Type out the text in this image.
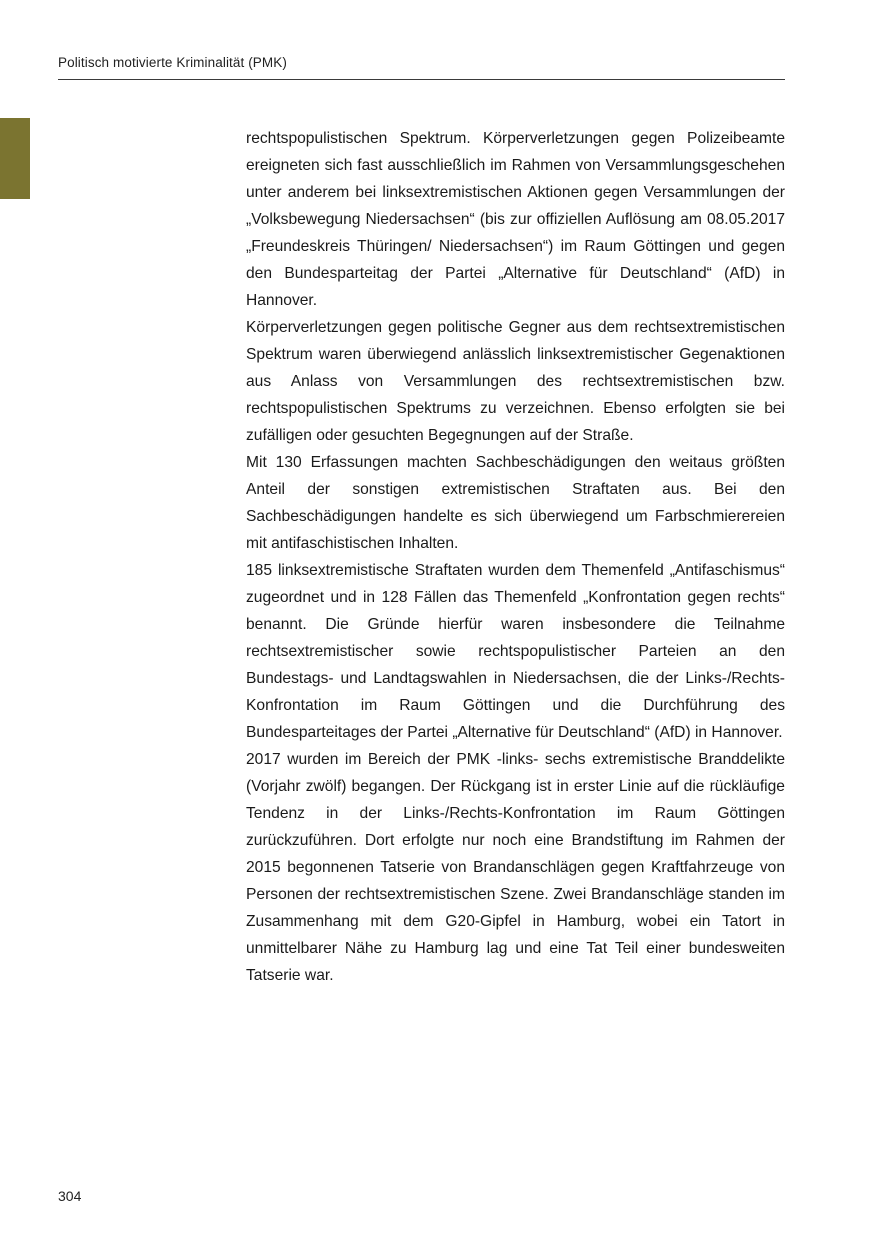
Politisch motivierte Kriminalität (PMK)

rechtspopulistischen Spektrum. Körperverletzungen gegen Polizeibeamte ereigneten sich fast ausschließlich im Rahmen von Versammlungsgeschehen unter anderem bei linksextremistischen Aktionen gegen Versammlungen der „Volksbewegung Niedersachsen“ (bis zur offiziellen Auflösung am 08.05.2017 „Freundeskreis Thüringen/ Niedersachsen“) im Raum Göttingen und gegen den Bundesparteitag der Partei „Alternative für Deutschland“ (AfD) in Hannover.

Körperverletzungen gegen politische Gegner aus dem rechtsextremistischen Spektrum waren überwiegend anlässlich linksextremistischer Gegenaktionen aus Anlass von Versammlungen des rechtsextremistischen bzw. rechtspopulistischen Spektrums zu verzeichnen. Ebenso erfolgten sie bei zufälligen oder gesuchten Begegnungen auf der Straße.

Mit 130 Erfassungen machten Sachbeschädigungen den weitaus größten Anteil der sonstigen extremistischen Straftaten aus. Bei den Sachbeschädigungen handelte es sich überwiegend um Farbschmierereien mit antifaschistischen Inhalten.

185 linksextremistische Straftaten wurden dem Themenfeld „Antifaschismus“ zugeordnet und in 128 Fällen das Themenfeld „Konfrontation gegen rechts“ benannt. Die Gründe hierfür waren insbesondere die Teilnahme rechtsextremistischer sowie rechtspopulistischer Parteien an den Bundestags- und Landtagswahlen in Niedersachsen, die der Links-/Rechts-Konfrontation im Raum Göttingen und die Durchführung des Bundesparteitages der Partei „Alternative für Deutschland“ (AfD) in Hannover.

2017 wurden im Bereich der PMK -links- sechs extremistische Branddelikte (Vorjahr zwölf) begangen. Der Rückgang ist in erster Linie auf die rückläufige Tendenz in der Links-/Rechts-Konfrontation im Raum Göttingen zurückzuführen. Dort erfolgte nur noch eine Brandstiftung im Rahmen der 2015 begonnenen Tatserie von Brandanschlägen gegen Kraftfahrzeuge von Personen der rechtsextremistischen Szene. Zwei Brandanschläge standen im Zusammenhang mit dem G20-Gipfel in Hamburg, wobei ein Tatort in unmittelbarer Nähe zu Hamburg lag und eine Tat Teil einer bundesweiten Tatserie war.

304
